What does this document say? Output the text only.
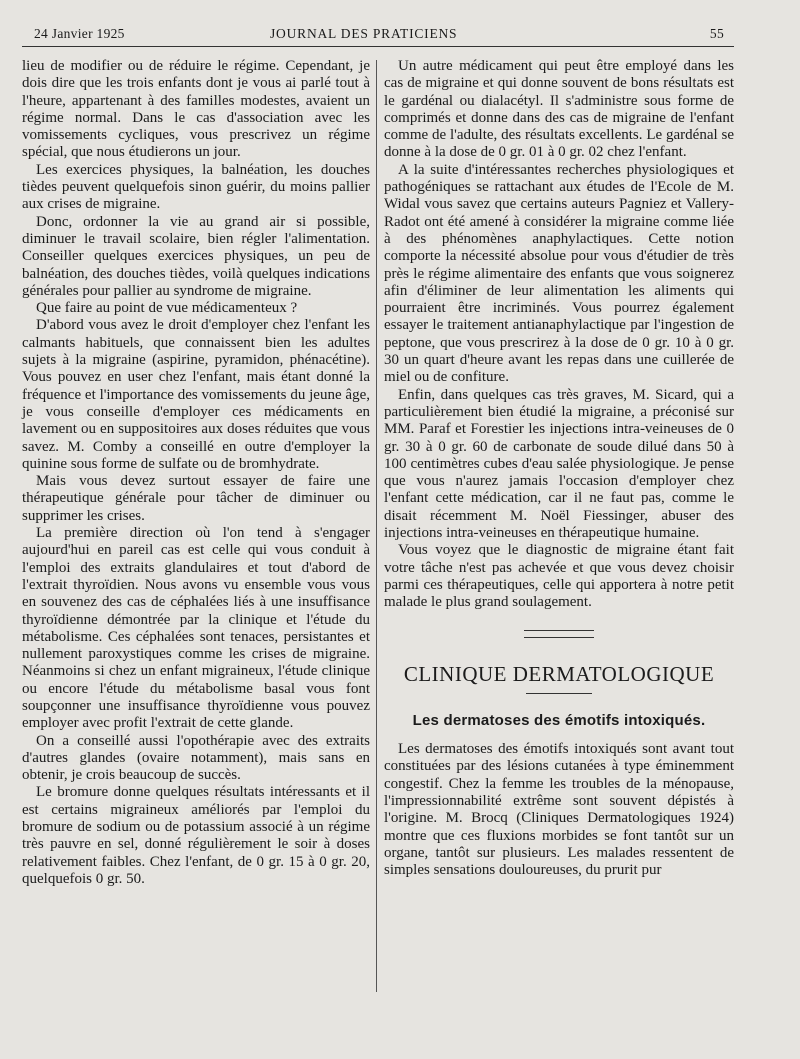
24 Janvier 1925	JOURNAL DES PRATICIENS	55

lieu de modifier ou de réduire le régime. Cependant, je dois dire que les trois enfants dont je vous ai parlé tout à l'heure, appartenant à des familles modestes, avaient un régime normal. Dans le cas d'association avec les vomissements cycliques, vous prescrivez un régime spécial, que nous étudierons un jour.

Les exercices physiques, la balnéation, les douches tièdes peuvent quelquefois sinon guérir, du moins pallier aux crises de migraine.

Donc, ordonner la vie au grand air si possible, diminuer le travail scolaire, bien régler l'alimentation. Conseiller quelques exercices physiques, un peu de balnéation, des douches tièdes, voilà quelques indications générales pour pallier au syndrome de migraine.

Que faire au point de vue médicamenteux ?

D'abord vous avez le droit d'employer chez l'enfant les calmants habituels, que connaissent bien les adultes sujets à la migraine (aspirine, pyramidon, phénacétine). Vous pouvez en user chez l'enfant, mais étant donné la fréquence et l'importance des vomissements du jeune âge, je vous conseille d'employer ces médicaments en lavement ou en suppositoires aux doses réduites que vous savez. M. Comby a conseillé en outre d'employer la quinine sous forme de sulfate ou de bromhydrate.

Mais vous devez surtout essayer de faire une thérapeutique générale pour tâcher de diminuer ou supprimer les crises.

La première direction où l'on tend à s'engager aujourd'hui en pareil cas est celle qui vous conduit à l'emploi des extraits glandulaires et tout d'abord de l'extrait thyroïdien. Nous avons vu ensemble vous vous en souvenez des cas de céphalées liés à une insuffisance thyroïdienne démontrée par la clinique et l'étude du métabolisme. Ces céphalées sont tenaces, persistantes et nullement paroxystiques comme les crises de migraine. Néanmoins si chez un enfant migraineux, l'étude clinique ou encore l'étude du métabolisme basal vous font soupçonner une insuffisance thyroïdienne vous pouvez employer avec profit l'extrait de cette glande.

On a conseillé aussi l'opothérapie avec des extraits d'autres glandes (ovaire notamment), mais sans en obtenir, je crois beaucoup de succès.

Le bromure donne quelques résultats intéressants et il est certains migraineux améliorés par l'emploi du bromure de sodium ou de potassium associé à un régime très pauvre en sel, donné régulièrement le soir à doses relativement faibles. Chez l'enfant, de 0 gr. 15 à 0 gr. 20, quelquefois 0 gr. 50.

Un autre médicament qui peut être employé dans les cas de migraine et qui donne souvent de bons résultats est le gardénal ou dialacétyl. Il s'administre sous forme de comprimés et donne dans des cas de migraine de l'enfant comme de l'adulte, des résultats excellents. Le gardénal se donne à la dose de 0 gr. 01 à 0 gr. 02 chez l'enfant.

A la suite d'intéressantes recherches physiologiques et pathogéniques se rattachant aux études de l'Ecole de M. Widal vous savez que certains auteurs Pagniez et Vallery-Radot ont été amené à considérer la migraine comme liée à des phénomènes anaphylactiques. Cette notion comporte la nécessité absolue pour vous d'étudier de très près le régime alimentaire des enfants que vous soignerez afin d'éliminer de leur alimentation les aliments qui pourraient être incriminés. Vous pourrez également essayer le traitement antianaphylactique par l'ingestion de peptone, que vous prescrirez à la dose de 0 gr. 10 à 0 gr. 30 un quart d'heure avant les repas dans une cuillerée de miel ou de confiture.

Enfin, dans quelques cas très graves, M. Sicard, qui a particulièrement bien étudié la migraine, a préconisé sur MM. Paraf et Forestier les injections intra-veineuses de 0 gr. 30 à 0 gr. 60 de carbonate de soude dilué dans 50 à 100 centimètres cubes d'eau salée physiologique. Je pense que vous n'aurez jamais l'occasion d'employer chez l'enfant cette médication, car il ne faut pas, comme le disait récemment M. Noël Fiessinger, abuser des injections intra-veineuses en thérapeutique humaine.

Vous voyez que le diagnostic de migraine étant fait votre tâche n'est pas achevée et que vous devez choisir parmi ces thérapeutiques, celle qui apportera à notre petit malade le plus grand soulagement.

CLINIQUE DERMATOLOGIQUE
Les dermatoses des émotifs intoxiqués.

Les dermatoses des émotifs intoxiqués sont avant tout constituées par des lésions cutanées à type éminemment congestif. Chez la femme les troubles de la ménopause, l'impressionnabilité extrême sont souvent dépistés à l'origine. M. Brocq (Cliniques Dermatologiques 1924) montre que ces fluxions morbides se font tantôt sur un organe, tantôt sur plusieurs. Les malades ressentent de simples sensations douloureuses, du prurit pur
